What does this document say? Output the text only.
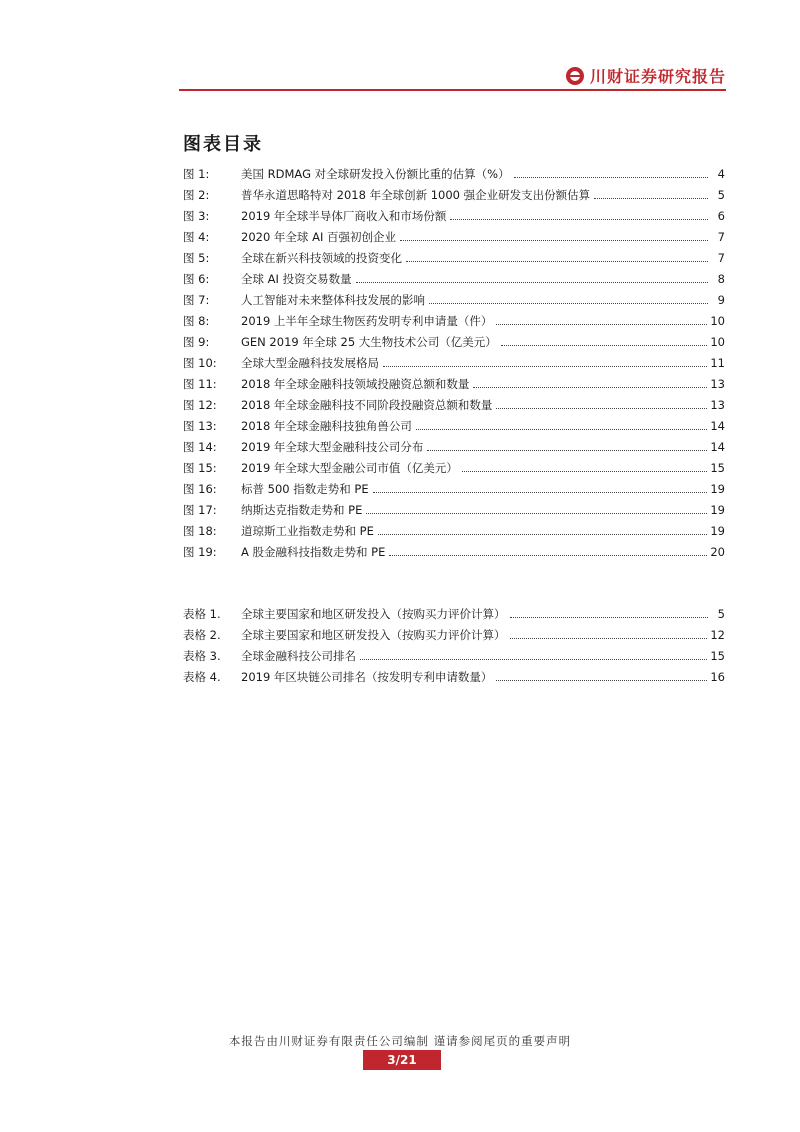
川财证券研究报告
图表目录
图 1:	美国 RDMAG 对全球研发投入份额比重的估算（%）	4
图 2:	普华永道思略特对 2018 年全球创新 1000 强企业研发支出份额估算	5
图 3:	2019 年全球半导体厂商收入和市场份额	6
图 4:	2020 年全球 AI 百强初创企业	7
图 5:	全球在新兴科技领域的投资变化	7
图 6:	全球 AI 投资交易数量	8
图 7:	人工智能对未来整体科技发展的影响	9
图 8:	2019 上半年全球生物医药发明专利申请量（件）	10
图 9:	GEN 2019 年全球 25 大生物技术公司（亿美元）	10
图 10:	全球大型金融科技发展格局	11
图 11:	2018 年全球金融科技领域投融资总额和数量	13
图 12:	2018 年全球金融科技不同阶段投融资总额和数量	13
图 13:	2018 年全球金融科技独角兽公司	14
图 14:	2019 年全球大型金融科技公司分布	14
图 15:	2019 年全球大型金融公司市值（亿美元）	15
图 16:	标普 500 指数走势和 PE	19
图 17:	纳斯达克指数走势和 PE	19
图 18:	道琼斯工业指数走势和 PE	19
图 19:	A 股金融科技指数走势和 PE	20
表格 1.	全球主要国家和地区研发投入（按购买力评价计算）	5
表格 2.	全球主要国家和地区研发投入（按购买力评价计算）	12
表格 3.	全球金融科技公司排名	15
表格 4.	2019 年区块链公司排名（按发明专利申请数量）	16
本报告由川财证券有限责任公司编制 谨请参阅尾页的重要声明
3/21
